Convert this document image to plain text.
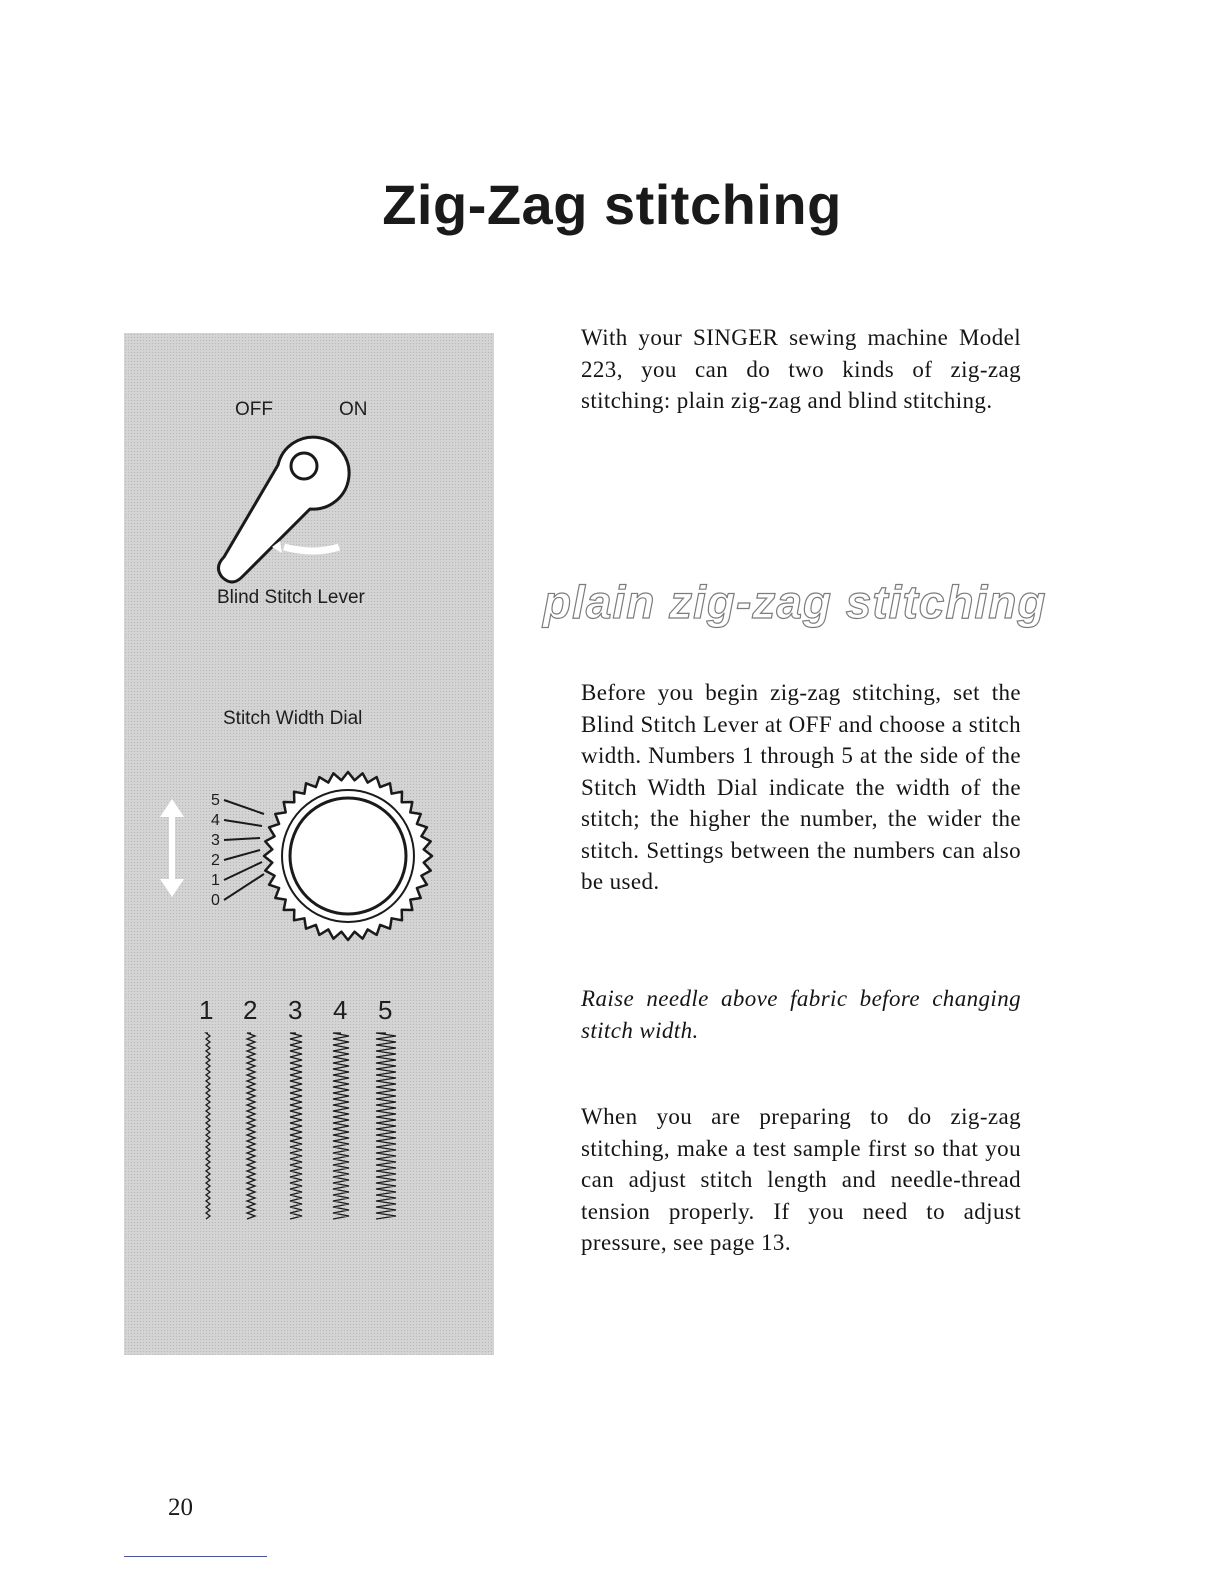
Zig-Zag stitching
OFF	ON
Blind Stitch Lever
Stitch Width Dial
5
4
3
2
1
0
1 2 3 4 5

With your SINGER sewing machine Model 223, you can do two kinds of zig-zag stitching: plain zig-zag and blind stitching.

plain zig-zag stitching

Before you begin zig-zag stitching, set the Blind Stitch Lever at OFF and choose a stitch width. Numbers 1 through 5 at the side of the Stitch Width Dial indicate the width of the stitch; the higher the number, the wider the stitch. Settings between the numbers can also be used.

Raise needle above fabric before changing stitch width.

When you are preparing to do zig-zag stitching, make a test sample first so that you can adjust stitch length and needle-thread tension properly. If you need to adjust pressure, see page 13.

20
